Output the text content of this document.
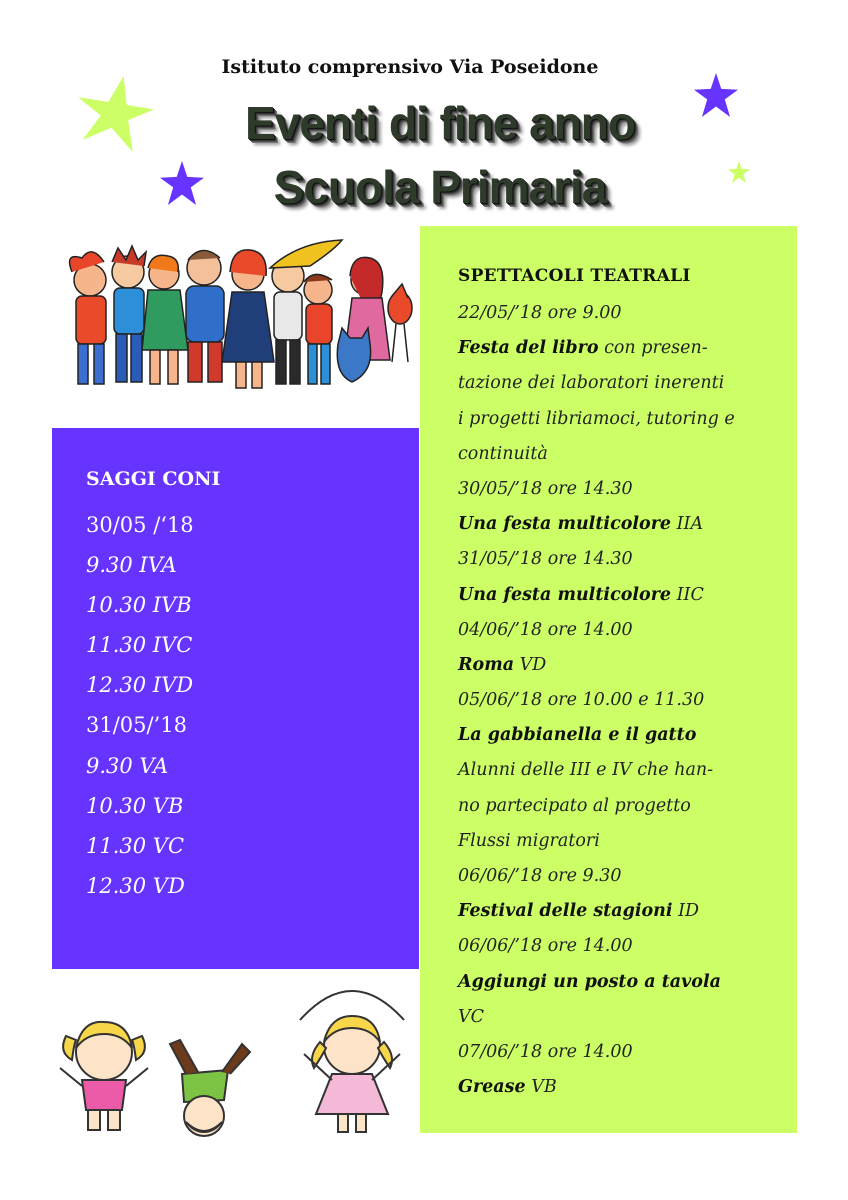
Istituto comprensivo Via Poseidone
Eventi di fine anno
Scuola Primaria
SAGGI CONI
30/05 /‘18
9.30 IVA
10.30 IVB
11.30 IVC
12.30 IVD
31/05/’18
9.30 VA
10.30 VB
11.30 VC
12.30 VD
SPETTACOLI TEATRALI
22/05/’18 ore 9.00
Festa del libro con presen-
tazione dei laboratori inerenti
i progetti libriamoci, tutoring e
continuità
30/05/’18 ore 14.30
Una festa multicolore IIA
31/05/’18 ore 14.30
Una festa multicolore IIC
04/06/’18 ore 14.00
Roma VD
05/06/’18 ore 10.00 e 11.30
La gabbianella e il gatto
Alunni delle III e IV che han-
no partecipato al progetto
Flussi migratori
06/06/’18 ore 9.30
Festival delle stagioni ID
06/06/’18 ore 14.00
Aggiungi un posto a tavola
VC
07/06/’18 ore 14.00
Grease VB
